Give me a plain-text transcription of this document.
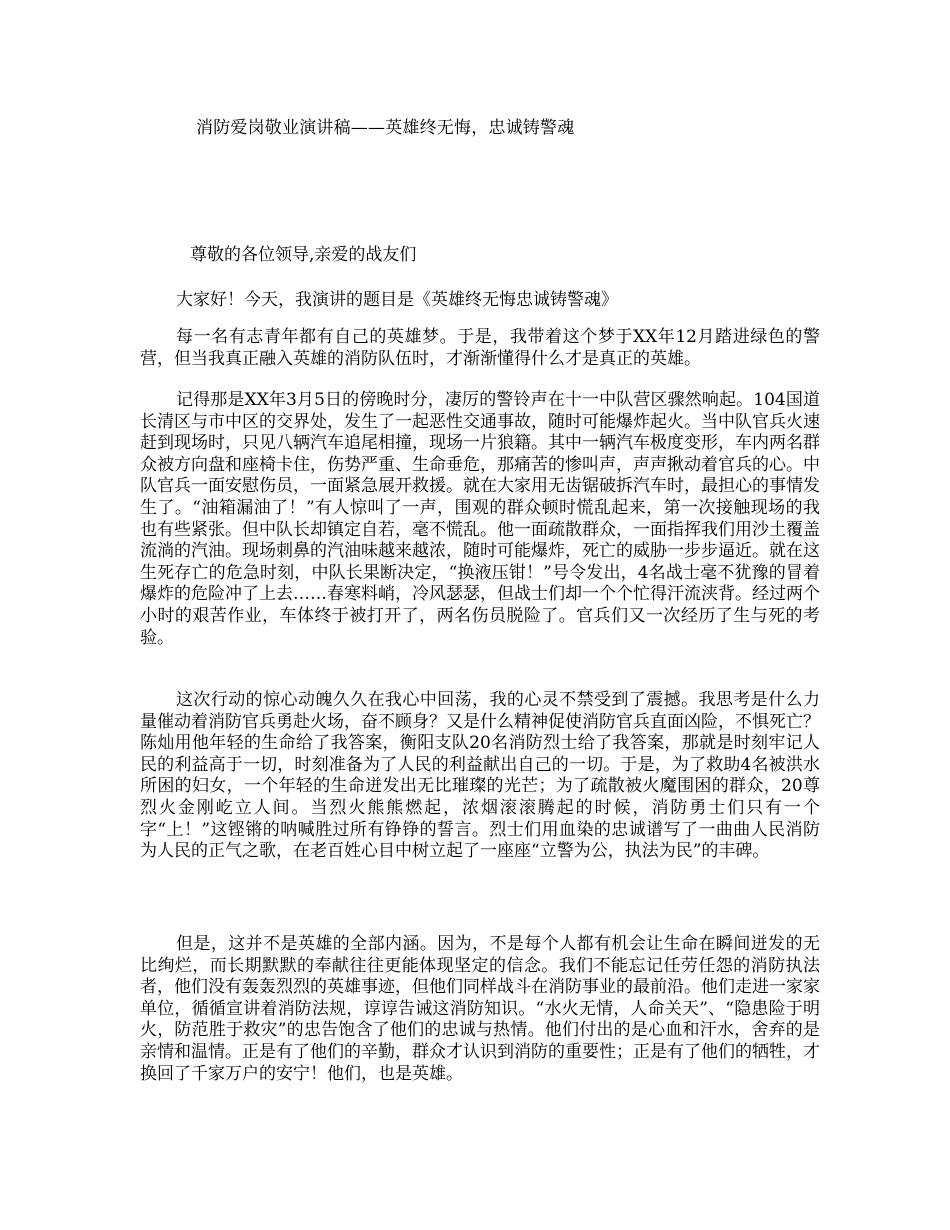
消防爱岗敬业演讲稿——英雄终无悔，忠诚铸警魂

尊敬的各位领导,亲爱的战友们

大家好！今天，我演讲的题目是《英雄终无悔忠诚铸警魂》

每一名有志青年都有自己的英雄梦。于是，我带着这个梦于XX年12月踏进绿色的警营，但当我真正融入英雄的消防队伍时，才渐渐懂得什么才是真正的英雄。

记得那是XX年3月5日的傍晚时分，凄厉的警铃声在十一中队营区骤然响起。104国道长清区与市中区的交界处，发生了一起恶性交通事故，随时可能爆炸起火。当中队官兵火速赶到现场时，只见八辆汽车追尾相撞，现场一片狼籍。其中一辆汽车极度变形，车内两名群众被方向盘和座椅卡住，伤势严重、生命垂危，那痛苦的惨叫声，声声揪动着官兵的心。中队官兵一面安慰伤员，一面紧急展开救援。就在大家用无齿锯破拆汽车时，最担心的事情发生了。“油箱漏油了！”有人惊叫了一声，围观的群众顿时慌乱起来，第一次接触现场的我也有些紧张。但中队长却镇定自若，毫不慌乱。他一面疏散群众，一面指挥我们用沙土覆盖流淌的汽油。现场刺鼻的汽油味越来越浓，随时可能爆炸，死亡的威胁一步步逼近。就在这生死存亡的危急时刻，中队长果断决定，“换液压钳！”号令发出，4名战士毫不犹豫的冒着爆炸的危险冲了上去……春寒料峭，冷风瑟瑟，但战士们却一个个忙得汗流浃背。经过两个小时的艰苦作业，车体终于被打开了，两名伤员脱险了。官兵们又一次经历了生与死的考验。

这次行动的惊心动魄久久在我心中回荡，我的心灵不禁受到了震撼。我思考是什么力量催动着消防官兵勇赴火场，奋不顾身？又是什么精神促使消防官兵直面凶险，不惧死亡？陈灿用他年轻的生命给了我答案，衡阳支队20名消防烈士给了我答案，那就是时刻牢记人民的利益高于一切，时刻准备为了人民的利益献出自己的一切。于是，为了救助4名被洪水所困的妇女，一个年轻的生命迸发出无比璀璨的光芒；为了疏散被火魔围困的群众，20尊烈火金刚屹立人间。当烈火熊熊燃起，浓烟滚滚腾起的时候，消防勇士们只有一个字“上！”这铿锵的呐喊胜过所有铮铮的誓言。烈士们用血染的忠诚谱写了一曲曲人民消防为人民的正气之歌，在老百姓心目中树立起了一座座“立警为公，执法为民”的丰碑。

但是，这并不是英雄的全部内涵。因为，不是每个人都有机会让生命在瞬间迸发的无比绚烂，而长期默默的奉献往往更能体现坚定的信念。我们不能忘记任劳任怨的消防执法者，他们没有轰轰烈烈的英雄事迹，但他们同样战斗在消防事业的最前沿。他们走进一家家单位，循循宣讲着消防法规，谆谆告诫这消防知识。“水火无情，人命关天”、“隐患险于明火，防范胜于救灾”的忠告饱含了他们的忠诚与热情。他们付出的是心血和汗水，舍弃的是亲情和温情。正是有了他们的辛勤，群众才认识到消防的重要性；正是有了他们的牺牲，才换回了千家万户的安宁！他们，也是英雄。
